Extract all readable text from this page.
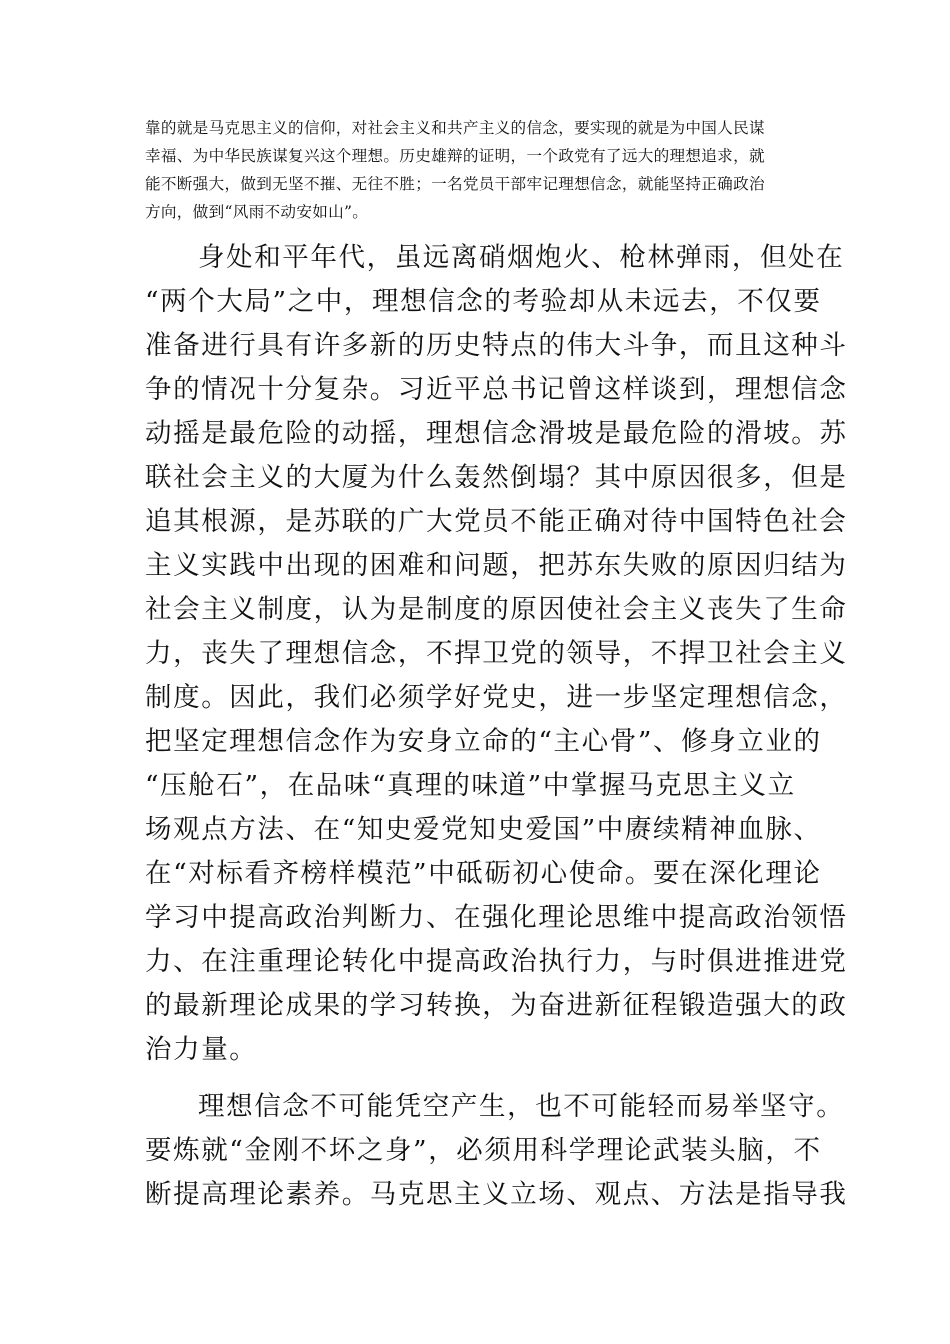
靠的就是马克思主义的信仰，对社会主义和共产主义的信念，要实现的就是为中国人民谋
幸福、为中华民族谋复兴这个理想。历史雄辩的证明，一个政党有了远大的理想追求，就
能不断强大，做到无坚不摧、无往不胜；一名党员干部牢记理想信念，就能坚持正确政治
方向，做到“风雨不动安如山”。
身处和平年代，虽远离硝烟炮火、枪林弹雨，但处在
“两个大局”之中，理想信念的考验却从未远去，不仅要
准备进行具有许多新的历史特点的伟大斗争，而且这种斗
争的情况十分复杂。习近平总书记曾这样谈到，理想信念
动摇是最危险的动摇，理想信念滑坡是最危险的滑坡。苏
联社会主义的大厦为什么轰然倒塌？其中原因很多，但是
追其根源，是苏联的广大党员不能正确对待中国特色社会
主义实践中出现的困难和问题，把苏东失败的原因归结为
社会主义制度，认为是制度的原因使社会主义丧失了生命
力，丧失了理想信念，不捍卫党的领导，不捍卫社会主义
制度。因此，我们必须学好党史，进一步坚定理想信念，
把坚定理想信念作为安身立命的“主心骨”、修身立业的
“压舱石”，在品味“真理的味道”中掌握马克思主义立
场观点方法、在“知史爱党知史爱国”中赓续精神血脉、
在“对标看齐榜样模范”中砥砺初心使命。要在深化理论
学习中提高政治判断力、在强化理论思维中提高政治领悟
力、在注重理论转化中提高政治执行力，与时俱进推进党
的最新理论成果的学习转换，为奋进新征程锻造强大的政
治力量。
理想信念不可能凭空产生，也不可能轻而易举坚守。
要炼就“金刚不坏之身”，必须用科学理论武装头脑，不
断提高理论素养。马克思主义立场、观点、方法是指导我
